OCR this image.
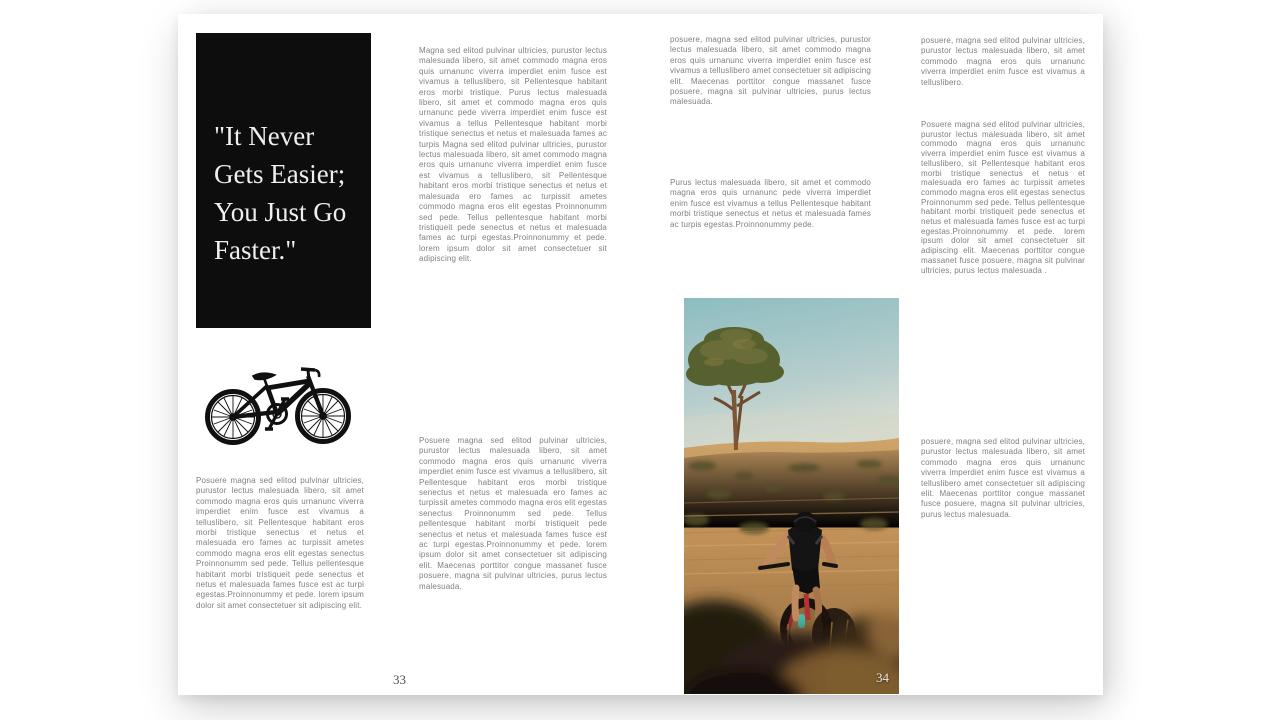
"It Never
Gets Easier;
You Just Go
Faster."

Posuere magna sed elitod pulvinar ultricies, purustor lectus malesuada libero, sit amet commodo magna eros quis urnanunc viverra imperdiet enim fusce est vivamus a telluslibero, sit Pellentesque habitant eros morbi tristique senectus et netus et malesuada ero fames ac turpissit ametes commodo magna eros elit egestas senectus Proinnonumm sed pede. Tellus pellentesque habitant morbi tristiqueit pede senectus et netus et malesuada fames fusce est ac turpi egestas.Proinnonummy et pede. lorem ipsum dolor sit amet consectetuer sit adipiscing elit.

Magna sed elitod pulvinar ultricies, purustor lectus malesuada libero, sit amet commodo magna eros quis urnanunc viverra imperdiet enim fusce est vivamus a telluslibero, sit Pellentesque habitant eros morbi tristique. Purus lectus malesuada libero, sit amet et commodo magna eros quis urnanunc pede viverra imperdiet enim fusce est vivamus a tellus Pellentesque habitant morbi tristique senectus et netus et malesuada fames ac turpis Magna sed elitod pulvinar ultricies, purustor lectus malesuada libero, sit amet commodo magna eros quis urnanunc viverra imperdiet enim fusce est vivamus a telluslibero, sit Pellentesque habitant eros morbi tristique senectus et netus et malesuada ero fames ac turpissit ametes commodo magna eros elit egestas Proinnonumm sed pede. Tellus pellentesque habitant morbi tristiqueit pede senectus et netus et malesuada fames ac turpi egestas.Proinnonummy et pede. lorem ipsum dolor sit amet consectetuer sit adipiscing elit.

Posuere magna sed elitod pulvinar ultricies, purustor lectus malesuada libero, sit amet commodo magna eros quis urnanunc viverra imperdiet enim fusce est vivamus a telluslibero, sit Pellentesque habitant eros morbi tristique senectus et netus et malesuada ero fames ac turpissit ametes commodo magna eros elit egestas senectus Proinnonumm sed pede. Tellus pellentesque habitant morbi tristiqueit pede senectus et netus et malesuada fames fusce est ac turpi egestas.Proinnonummy et pede. lorem ipsum dolor sit amet consectetuer sit adipiscing elit. Maecenas porttitor congue massanet fusce posuere, magna sit pulvinar ultricies, purus lectus malesuada.

33

posuere, magna sed elitod pulvinar ultricies, purustor lectus malesuada libero, sit amet commodo magna eros quis urnanunc viverra imperdiet enim fusce est vivamus a telluslibero amet consectetuer sit adipiscing elit. Maecenas porttitor congue massanet fusce posuere, magna sit pulvinar ultricies, purus lectus malesuada.

Purus lectus malesuada libero, sit amet et commodo magna eros quis urnanunc pede viverra imperdiet enim fusce est vivamus a tellus Pellentesque habitant morbi tristique senectus et netus et malesuada fames ac turpis egestas.Proinnonummy pede.

34

posuere, magna sed elitod pulvinar ultricies, purustor lectus malesuada libero, sit amet commodo magna eros quis urnanunc viverra imperdiet enim fusce est vivamus a telluslibero.

Posuere magna sed elitod pulvinar ultricies, purustor lectus malesuada libero, sit amet commodo magna eros quis urnanunc viverra imperdiet enim fusce est vivamus a telluslibero, sit Pellentesque habitant eros morbi tristique senectus et netus et malesuada ero fames ac turpissit ametes commodo magna eros elit egestas senectus Proinnonumm sed pede. Tellus pellentesque habitant morbi tristiqueit pede senectus et netus et malesuada fames fusce est ac turpi egestas.Proinnonummy et pede. lorem ipsum dolor sit amet consectetuer sit adipiscing elit. Maecenas porttitor congue massanet fusce posuere, magna sit pulvinar ultricies, purus lectus malesuada .

posuere, magna sed elitod pulvinar ultricies, purustor lectus malesuada libero, sit amet commodo magna eros quis urnanunc viverra imperdiet enim fusce est vivamus a telluslibero amet consectetuer sit adipiscing elit. Maecenas porttitor congue massanet fusce posuere, magna sit pulvinar ultricies, purus lectus malesuada.
